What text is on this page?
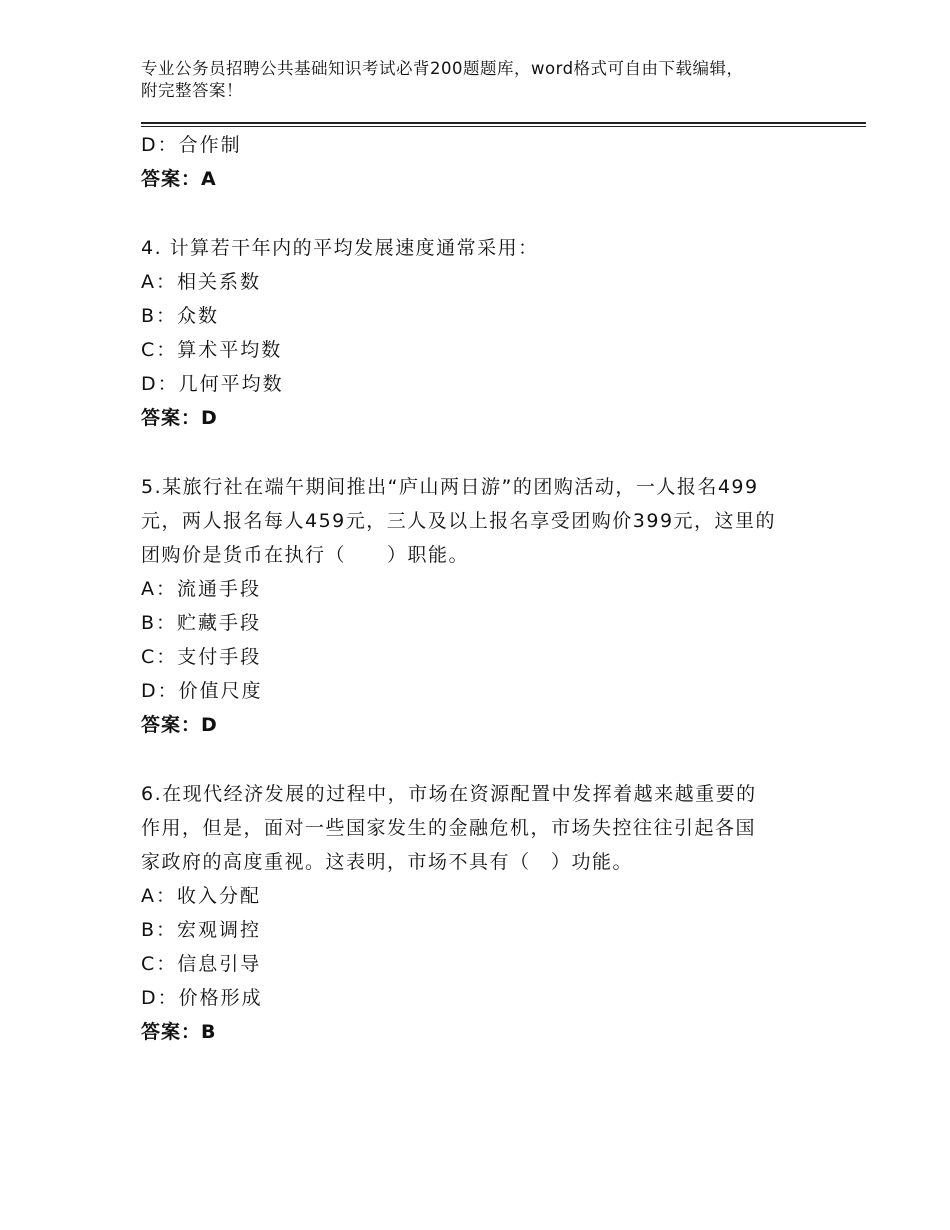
专业公务员招聘公共基础知识考试必背200题题库，word格式可自由下载编辑，
附完整答案！
D：合作制
答案：A
4. 计算若干年内的平均发展速度通常采用：
A：相关系数
B：众数
C：算术平均数
D：几何平均数
答案：D
5.某旅行社在端午期间推出“庐山两日游”的团购活动，一人报名499
元，两人报名每人459元，三人及以上报名享受团购价399元，这里的
团购价是货币在执行（　　）职能。
A：流通手段
B：贮藏手段
C：支付手段
D：价值尺度
答案：D
6.在现代经济发展的过程中，市场在资源配置中发挥着越来越重要的
作用，但是，面对一些国家发生的金融危机，市场失控往往引起各国
家政府的高度重视。这表明，市场不具有（　）功能。
A：收入分配
B：宏观调控
C：信息引导
D：价格形成
答案：B
